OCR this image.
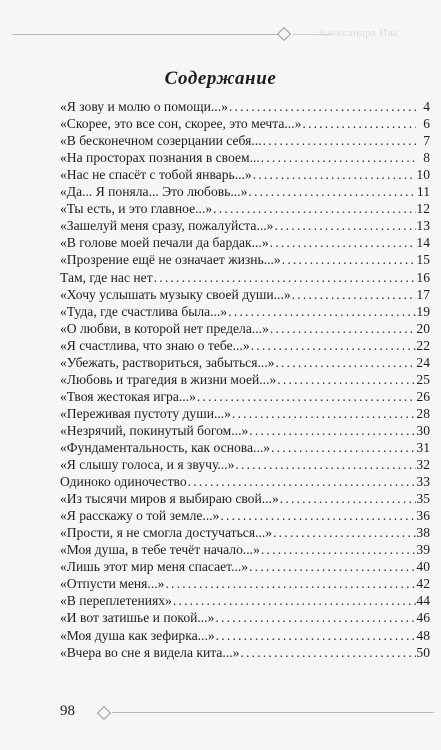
Александра Ива
Содержание
«Я зову и молю о помощи...» . . .	4
«Скорее, это все сон, скорее, это мечта...» . . .	6
«В бесконечном созерцании себя... . . .	7
«На просторах познания в своем... . . .	8
«Нас не спасёт с тобой январь...» . . .	10
«Да... Я поняла... Это любовь...» . . .	11
«Ты есть, и это главное...» . . .	12
«Зашелуй меня сразу, пожалуйста...» . . .	13
«В голове моей печали да бардак...» . . .	14
«Прозрение ещё не означает жизнь...» . . .	15
Там, где нас нет . . .	16
«Хочу услышать музыку своей души...» . . .	17
«Туда, где счастлива была...» . . .	19
«О любви, в которой нет предела...» . . .	20
«Я счастлива, что знаю о тебе...» . . .	22
«Убежать, раствориться, забыться...» . . .	24
«Любовь и трагедия в жизни моей...» . . .	25
«Твоя жестокая игра...» . . .	26
«Переживая пустоту души...» . . .	28
«Незрячий, покинутый богом...» . . .	30
«Фундаментальность, как основа...» . . .	31
«Я слышу голоса, и я звучу...» . . .	32
Одиноко одиночество . . .	33
«Из тысячи миров я выбираю свой...» . . .	35
«Я расскажу о той земле...» . . .	36
«Прости, я не смогла достучаться...» . . .	38
«Моя душа, в тебе течёт начало...» . . .	39
«Лишь этот мир меня спасает...» . . .	40
«Отпусти меня...» . . .	42
«В переплетениях» . . .	44
«И вот затишье и покой...» . . .	46
«Моя душа как зефирка...» . . .	48
«Вчера во сне я видела кита...» . . .	50
98
